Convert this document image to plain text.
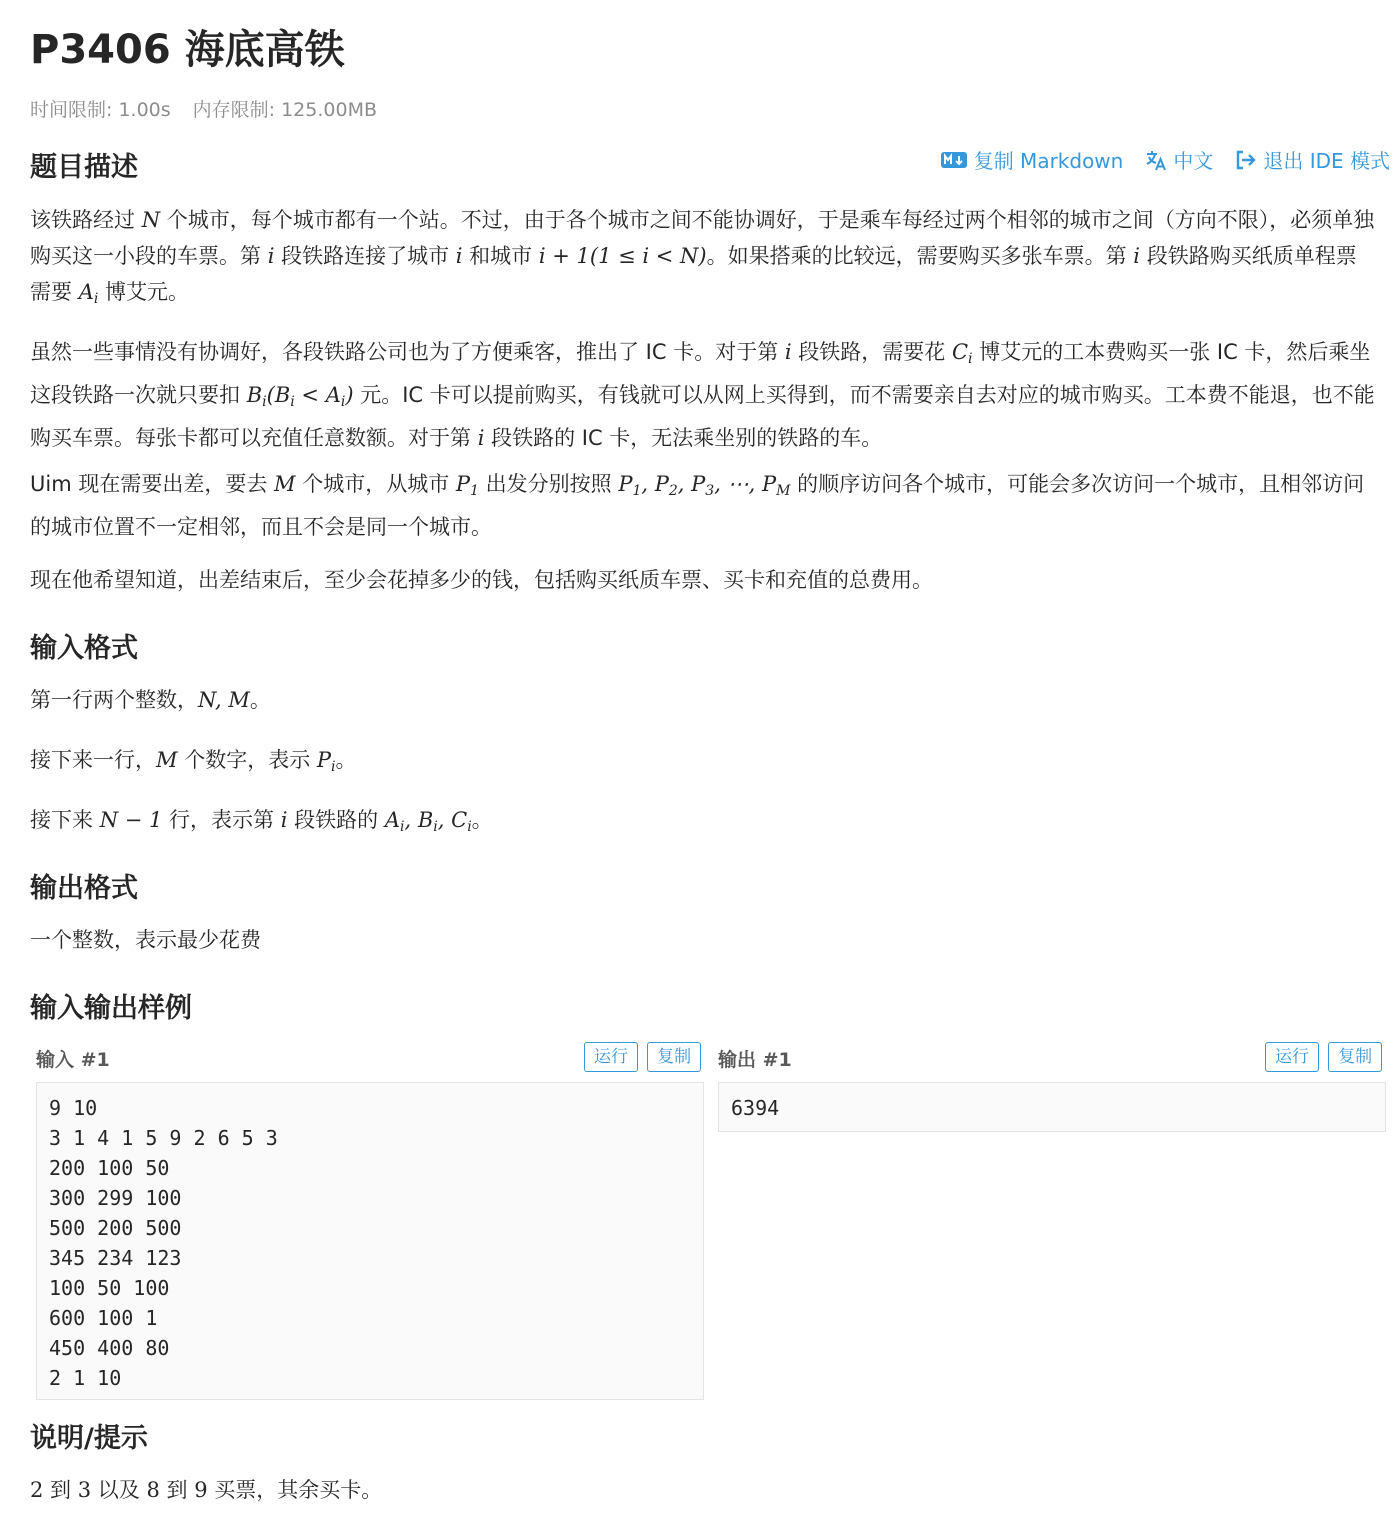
P3406 海底高铁
时间限制: 1.00s 内存限制: 125.00MB
题目描述	复制 Markdown	中文	退出 IDE 模式

该铁路经过 N 个城市，每个城市都有一个站。不过，由于各个城市之间不能协调好，于是乘车每经过两个相邻的城市之间（方向不限），必须单独购买这一小段的车票。第 i 段铁路连接了城市 i 和城市 i + 1(1 ≤ i < N)。如果搭乘的比较远，需要购买多张车票。第 i 段铁路购买纸质单程票需要 $A_i$ 博艾元。

虽然一些事情没有协调好，各段铁路公司也为了方便乘客，推出了 IC 卡。对于第 i 段铁路，需要花 $C_i$ 博艾元的工本费购买一张 IC 卡，然后乘坐这段铁路一次就只要扣 $B_i(B_i < A_i)$ 元。IC 卡可以提前购买，有钱就可以从网上买得到，而不需要亲自去对应的城市购买。工本费不能退，也不能购买车票。每张卡都可以充值任意数额。对于第 i 段铁路的 IC 卡，无法乘坐别的铁路的车。

Uim 现在需要出差，要去 M 个城市，从城市 $P_1$ 出发分别按照 $P_1$, $P_2$, $P_3$, ⋯, $P_M$ 的顺序访问各个城市，可能会多次访问一个城市，且相邻访问的城市位置不一定相邻，而且不会是同一个城市。

现在他希望知道，出差结束后，至少会花掉多少的钱，包括购买纸质车票、买卡和充值的总费用。

输入格式

第一行两个整数，N, M。

接下来一行，M 个数字，表示 $P_i$。

接下来 N − 1 行，表示第 i 段铁路的 $A_i$, $B_i$, $C_i$。

输出格式

一个整数，表示最少花费

输入输出样例
输入 #1	运行 复制
9 10
3 1 4 1 5 9 2 6 5 3
200 100 50
300 299 100
500 200 500
345 234 123
100 50 100
600 100 1
450 400 80
2 1 10
输出 #1	运行 复制
6394
说明/提示

2 到 3 以及 8 到 9 买票，其余买卡。
